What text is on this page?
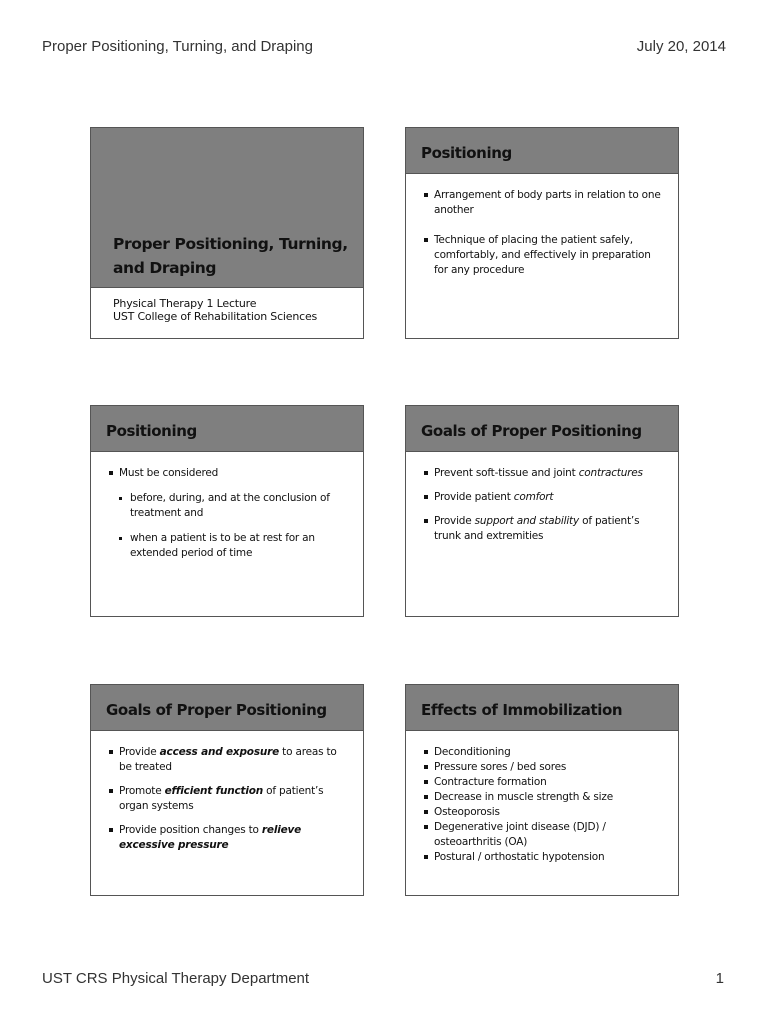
Proper Positioning, Turning, and Draping	July 20, 2014
Proper Positioning, Turning,
and Draping
Physical Therapy 1 Lecture
UST College of Rehabilitation Sciences
Positioning
Arrangement of body parts in relation to one another
Technique of placing the patient safely, comfortably, and effectively in preparation for any procedure
Positioning
Must be considered
before, during, and at the conclusion of treatment and
when a patient is to be at rest for an extended period of time
Goals of Proper Positioning
Prevent soft-tissue and joint contractures
Provide patient comfort
Provide support and stability of patient’s trunk and extremities
Goals of Proper Positioning
Provide access and exposure to areas to be treated
Promote efficient function of patient’s organ systems
Provide position changes to relieve excessive pressure
Effects of Immobilization
Deconditioning
Pressure sores / bed sores
Contracture formation
Decrease in muscle strength & size
Osteoporosis
Degenerative joint disease (DJD) / osteoarthritis (OA)
Postural / orthostatic hypotension
UST CRS Physical Therapy Department	1
